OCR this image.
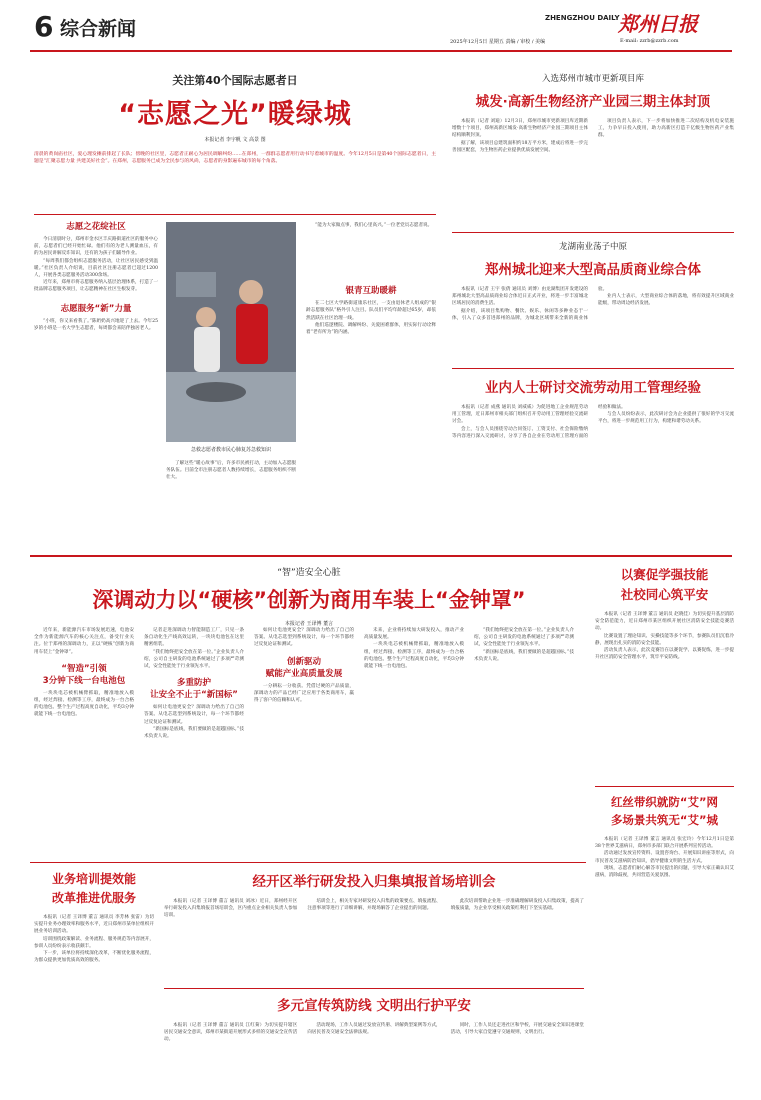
6 综合新闻	ZHENGZHOU DAILY
郑州日报
2025年12月5日 星期五 责编 / 审校 / 美编	E-mail: zzrb@zzrb.com
关注第40个国际志愿者日
“志愿之光”暖绿城
本报记者 李宇帆 文 高景 图
清晨的黄岗庙社区，爱心理发摊前排起了长队；傍晚的社区里，志愿者正耐心为居民调解纠纷……在郑州，一群群志愿者用行动书写着城市的温度。今年12月5日是第40个国际志愿者日，主题是“汇聚志愿力量 共建美好社会”。在郑州，志愿服务已成为全民参与的风尚，志愿者的身影遍布城市的每个角落。
志愿之花绽社区

今日清晨时分，郑州市金水区丰庆路街道社区的服务中心前，志愿者们已经开始忙碌。他们有的为老人测量血压，有的为居民讲解反诈知识，还有的为孩子们辅导作业。

“每周我们都会组织志愿服务活动，让社区居民感受到温暖。”社区负责人介绍说，目前社区注册志愿者已超过1200人，开展各类志愿服务活动300余场。

近年来，郑州市将志愿服务纳入基层治理体系，打造了一批品牌志愿服务项目，让志愿精神在社区生根发芽。

志愿服务“新”力量

“小班，你又来看我了。”陈奶奶高兴地迎了上去。今年25岁的小班是一名大学生志愿者，每周都会来陪伴独居老人。

急救志愿者教市民心肺复苏急救知识

了解这些“暖心故事”后，许多市民被打动，主动加入志愿服务队伍。目前全市注册志愿者人数持续增长，志愿服务组织不断壮大。

“能为大家做点事，我们心里高兴。”一位老党员志愿者说。

银青互助暖耕

在二七区大学路街道康乐社区，一支由退休老人组成的“银龄志愿服务队”格外引人注目。队员们平均年龄超过65岁，却依然活跃在社区治理一线。

他们巡逻楼院、调解纠纷、关爱困难群体，用实际行动诠释着“老有所为”的内涵。

入选郑州市城市更新项目库
城发·高新生物经济产业园三期主体封顶

本报讯（记者 刘迪）12月3日，郑州市城市更新项目库近期新增数十个项目，郑州高新区城发·高新生物经济产业园三期项目主体结构顺利封顶。

据了解，该项目总建筑面积约18万平方米，建成后将进一步完善园区配套，为生物医药企业提供优质发展空间。

项目负责人表示，下一步将加快推进二次结构及机电安装施工，力争早日投入使用，助力高新区打造千亿级生物医药产业集群。

龙湖南业荡子中原
郑州城北迎来大型高品质商业综合体

本报讯（记者 王宇 张倩 通讯员 刘博）由龙湖集团开发建设的郑州城北大型高品质商业综合体近日正式开业，将进一步丰富城北区域居民的消费生活。

据介绍，该项目集购物、餐饮、娱乐、休闲等多种业态于一体，引入了众多首进郑州的品牌，为城北区域带来全新的商业体验。

业内人士表示，大型商业综合体的落地，将有效提升区域商业能级，带动周边经济发展。

业内人士研讨交流劳动用工管理经验

本报讯（记者 成燕 通讯员 刘威威）为促进地工企业规范劳动用工管理，近日郑州市相关部门组织召开劳动用工管理经验交流研讨会。

会上，与会人员围绕劳动合同签订、工资支付、社会保险缴纳等内容进行深入交流研讨，分享了各自企业在劳动用工管理方面的经验和做法。

与会人员纷纷表示，此次研讨会为企业提供了很好的学习交流平台，将进一步规范用工行为，构建和谐劳动关系。

“智”造安全心脏
深调动力以“硬核”创新为商用车装上“金钟罩”
本报记者 王译博 董言

近年来，新能源汽车市场发展迅速，电池安全作为新能源汽车的核心关注点，备受行业关注。位于郑州的深调动力，正以“硬核”创新为商用车装上“金钟罩”。

“智造”引领
3分钟下线一台电池包

一块块电芯被机械臂抓取，精准地放入模组，经过焊接、检测等工序，最终成为一台合格的电池包。整个生产过程高度自动化，平均3分钟就能下线一台电池包。

记者走进深调动力智能制造工厂，只见一条条自动化生产线高效运转，一块块电池包在这里精密组装。

“我们始终把安全放在第一位。”企业负责人介绍，公司自主研发的电池系统通过了多项严苛测试，安全性能处于行业领先水平。

多重防护
让安全不止于“新国标”

如何让电池更安全？深调动力给出了自己的答案。从电芯选型到系统设计，每一个环节都经过反复论证和测试。

“新国标是底线，我们要做的是超越国标。”技术负责人说。

如何让电池更安全？深调动力给出了自己的答案。从电芯选型到系统设计，每一个环节都经过反复论证和测试。

创新驱动
赋能产业高质量发展

一分耕耘一分收获。凭借过硬的产品质量，深调动力的产品已经广泛应用于各类商用车，赢得了客户的信赖和认可。

未来，企业将持续加大研发投入，推动产业高质量发展。

一块块电芯被机械臂抓取，精准地放入模组，经过焊接、检测等工序，最终成为一台合格的电池包。整个生产过程高度自动化，平均3分钟就能下线一台电池包。

“我们始终把安全放在第一位。”企业负责人介绍，公司自主研发的电池系统通过了多项严苛测试，安全性能处于行业领先水平。

“新国标是底线，我们要做的是超越国标。”技术负责人说。

以赛促学强技能
社校同心筑平安

本报讯（记者 王译博 董言 通讯员 赵晓佳）为切实提升基层消防安全防范能力，近日郑州市某区组织开展社区消防安全技能竞赛活动。

比赛设置了理论知识、实操技能等多个环节，参赛队员们沉着冷静，展现出扎实的消防安全技能。

活动负责人表示，此次竞赛旨在以赛促学、以赛促练，进一步提升社区消防安全管理水平，筑牢平安防线。

红丝带织就防“艾”网
多场景共筑无“艾”城

本报讯（记者 王译博 董言 通讯员 张宏玲）今年12月1日是第38个世界艾滋病日，郑州市多部门联合开展系列宣传活动。

活动通过发放宣传资料、设置咨询台、开展知识讲座等形式，向市民普及艾滋病防治知识，倡导健康文明的生活方式。

现场，志愿者们耐心解答市民提出的问题，引导大家正确认识艾滋病，消除歧视，共同营造关爱氛围。

业务培训提效能
改革推进优服务

本报讯（记者 王译博 董言 通讯员 李芳林 张雷）为切实提升业务办理效率和服务水平，近日郑州市某单位组织开展业务培训活动。

培训围绕政策解读、业务流程、服务规范等内容展开，参训人员纷纷表示收获颇丰。

下一步，该单位将持续深化改革，不断优化服务流程，为群众提供更加优质高效的服务。

经开区举行研发投入归集填报首场培训会

本报讯（记者 王译博 董言 通讯员 刘冰）近日，郑州经开区举行研发投入归集填报首场培训会，区内重点企业相关负责人参加培训。

培训会上，相关专家对研发投入归集的政策要点、填报流程、注意事项等进行了详细讲解，并现场解答了企业提出的问题。

此次培训帮助企业进一步准确理解研发投入归集政策，提高了填报质量，为企业享受相关政策红利打下坚实基础。

多元宣传筑防线 文明出行护平安

本报讯（记者 王译博 董言 通讯员 江红菊）为切实提升辖区居民交通安全意识，郑州市某街道开展形式多样的交通安全宣传活动。

活动现场，工作人员通过发放宣传册、讲解典型案例等方式，向居民普及交通安全法律法规。

同时，工作人员还走进社区和学校，开展交通安全知识进课堂活动，引导大家自觉遵守交通规则，文明出行。
